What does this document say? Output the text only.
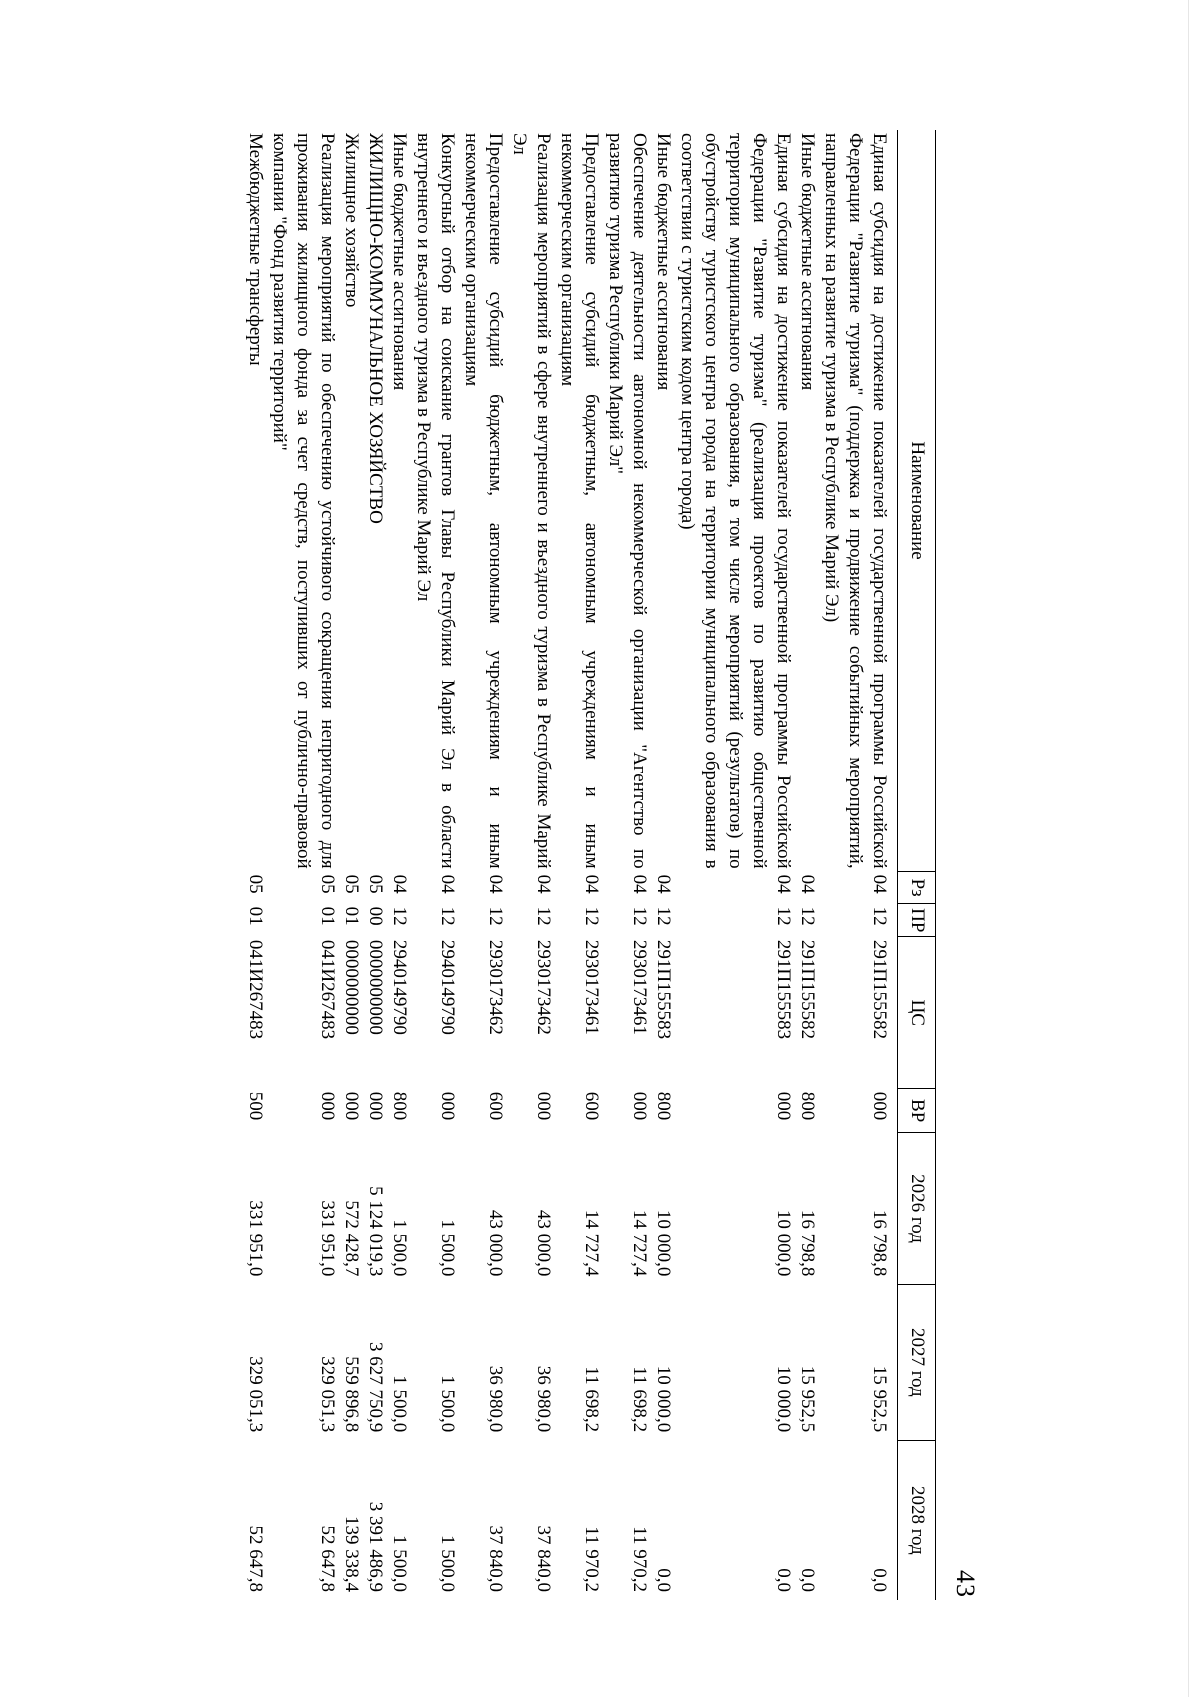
43
Наименование	Рз	ПР	ЦС	ВР	2026 год	2027 год	2028 год
Единая субсидия на достижение показателей государственной программы Российской Федерации "Развитие туризма" (поддержка и продвижение событийных мероприятий, направленных на развитие туризма в Республике Марий Эл)	04	12	291П155582	000	16 798,8	15 952,5	0,0
Иные бюджетные ассигнования	04	12	291П155582	800	16 798,8	15 952,5	0,0
Единая субсидия на достижение показателей государственной программы Российской Федерации "Развитие туризма" (реализация проектов по развитию общественной территории муниципального образования, в том числе мероприятий (результатов) по обустройству туристского центра города на территории муниципального образования в соответствии с туристским кодом центра города)	04	12	291П155583	000	10 000,0	10 000,0	0,0
Иные бюджетные ассигнования	04	12	291П155583	800	10 000,0	10 000,0	0,0
Обеспечение деятельности автономной некоммерческой организации "Агентство по развитию туризма Республики Марий Эл"	04	12	2930173461	000	14 727,4	11 698,2	11 970,2
Предоставление субсидий бюджетным, автономным учреждениям и иным некоммерческим организациям	04	12	2930173461	600	14 727,4	11 698,2	11 970,2
Реализация мероприятий в сфере внутреннего и въездного туризма в Республике Марий Эл	04	12	2930173462	000	43 000,0	36 980,0	37 840,0
Предоставление субсидий бюджетным, автономным учреждениям и иным некоммерческим организациям	04	12	2930173462	600	43 000,0	36 980,0	37 840,0
Конкурсный отбор на соискание грантов Главы Республики Марий Эл в области внутреннего и въездного туризма в Республике Марий Эл	04	12	2940149790	000	1 500,0	1 500,0	1 500,0
Иные бюджетные ассигнования	04	12	2940149790	800	1 500,0	1 500,0	1 500,0
ЖИЛИЩНО-КОММУНАЛЬНОЕ ХОЗЯЙСТВО	05	00	0000000000	000	5 124 019,3	3 627 750,9	3 391 486,9
Жилищное хозяйство	05	01	0000000000	000	572 428,7	559 896,8	139 338,4
Реализация мероприятий по обеспечению устойчивого сокращения непригодного для проживания жилищного фонда за счет средств, поступивших от публично-правовой компании "Фонд развития территорий"	05	01	041И267483	000	331 951,0	329 051,3	52 647,8
Межбюджетные трансферты	05	01	041И267483	500	331 951,0	329 051,3	52 647,8
